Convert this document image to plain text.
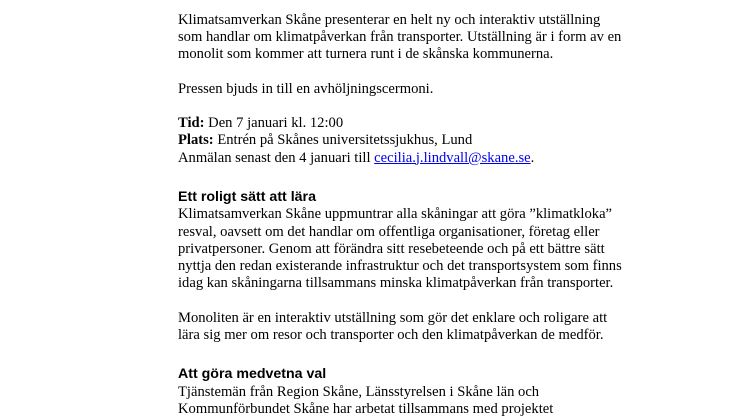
Klimatsamverkan Skåne presenterar en helt ny och interaktiv utställning
som handlar om klimatpåverkan från transporter. Utställning är i form av en
monolit som kommer att turnera runt i de skånska kommunerna.

Pressen bjuds in till en avhöljningscermoni.

Tid: Den 7 januari kl. 12:00
Plats: Entrén på Skånes universitetssjukhus, Lund
Anmälan senast den 4 januari till cecilia.j.lindvall@skane.se.

Ett roligt sätt att lära

Klimatsamverkan Skåne uppmuntrar alla skåningar att göra ”klimatkloka”
resval, oavsett om det handlar om offentliga organisationer, företag eller
privatpersoner. Genom att förändra sitt resebeteende och på ett bättre sätt
nyttja den redan existerande infrastruktur och det transportsystem som finns
idag kan skåningarna tillsammans minska klimatpåverkan från transporter.

Monoliten är en interaktiv utställning som gör det enklare och roligare att
lära sig mer om resor och transporter och den klimatpåverkan de medför.

Att göra medvetna val

Tjänstemän från Region Skåne, Länsstyrelsen i Skåne län och
Kommunförbundet Skåne har arbetat tillsammans med projektet
